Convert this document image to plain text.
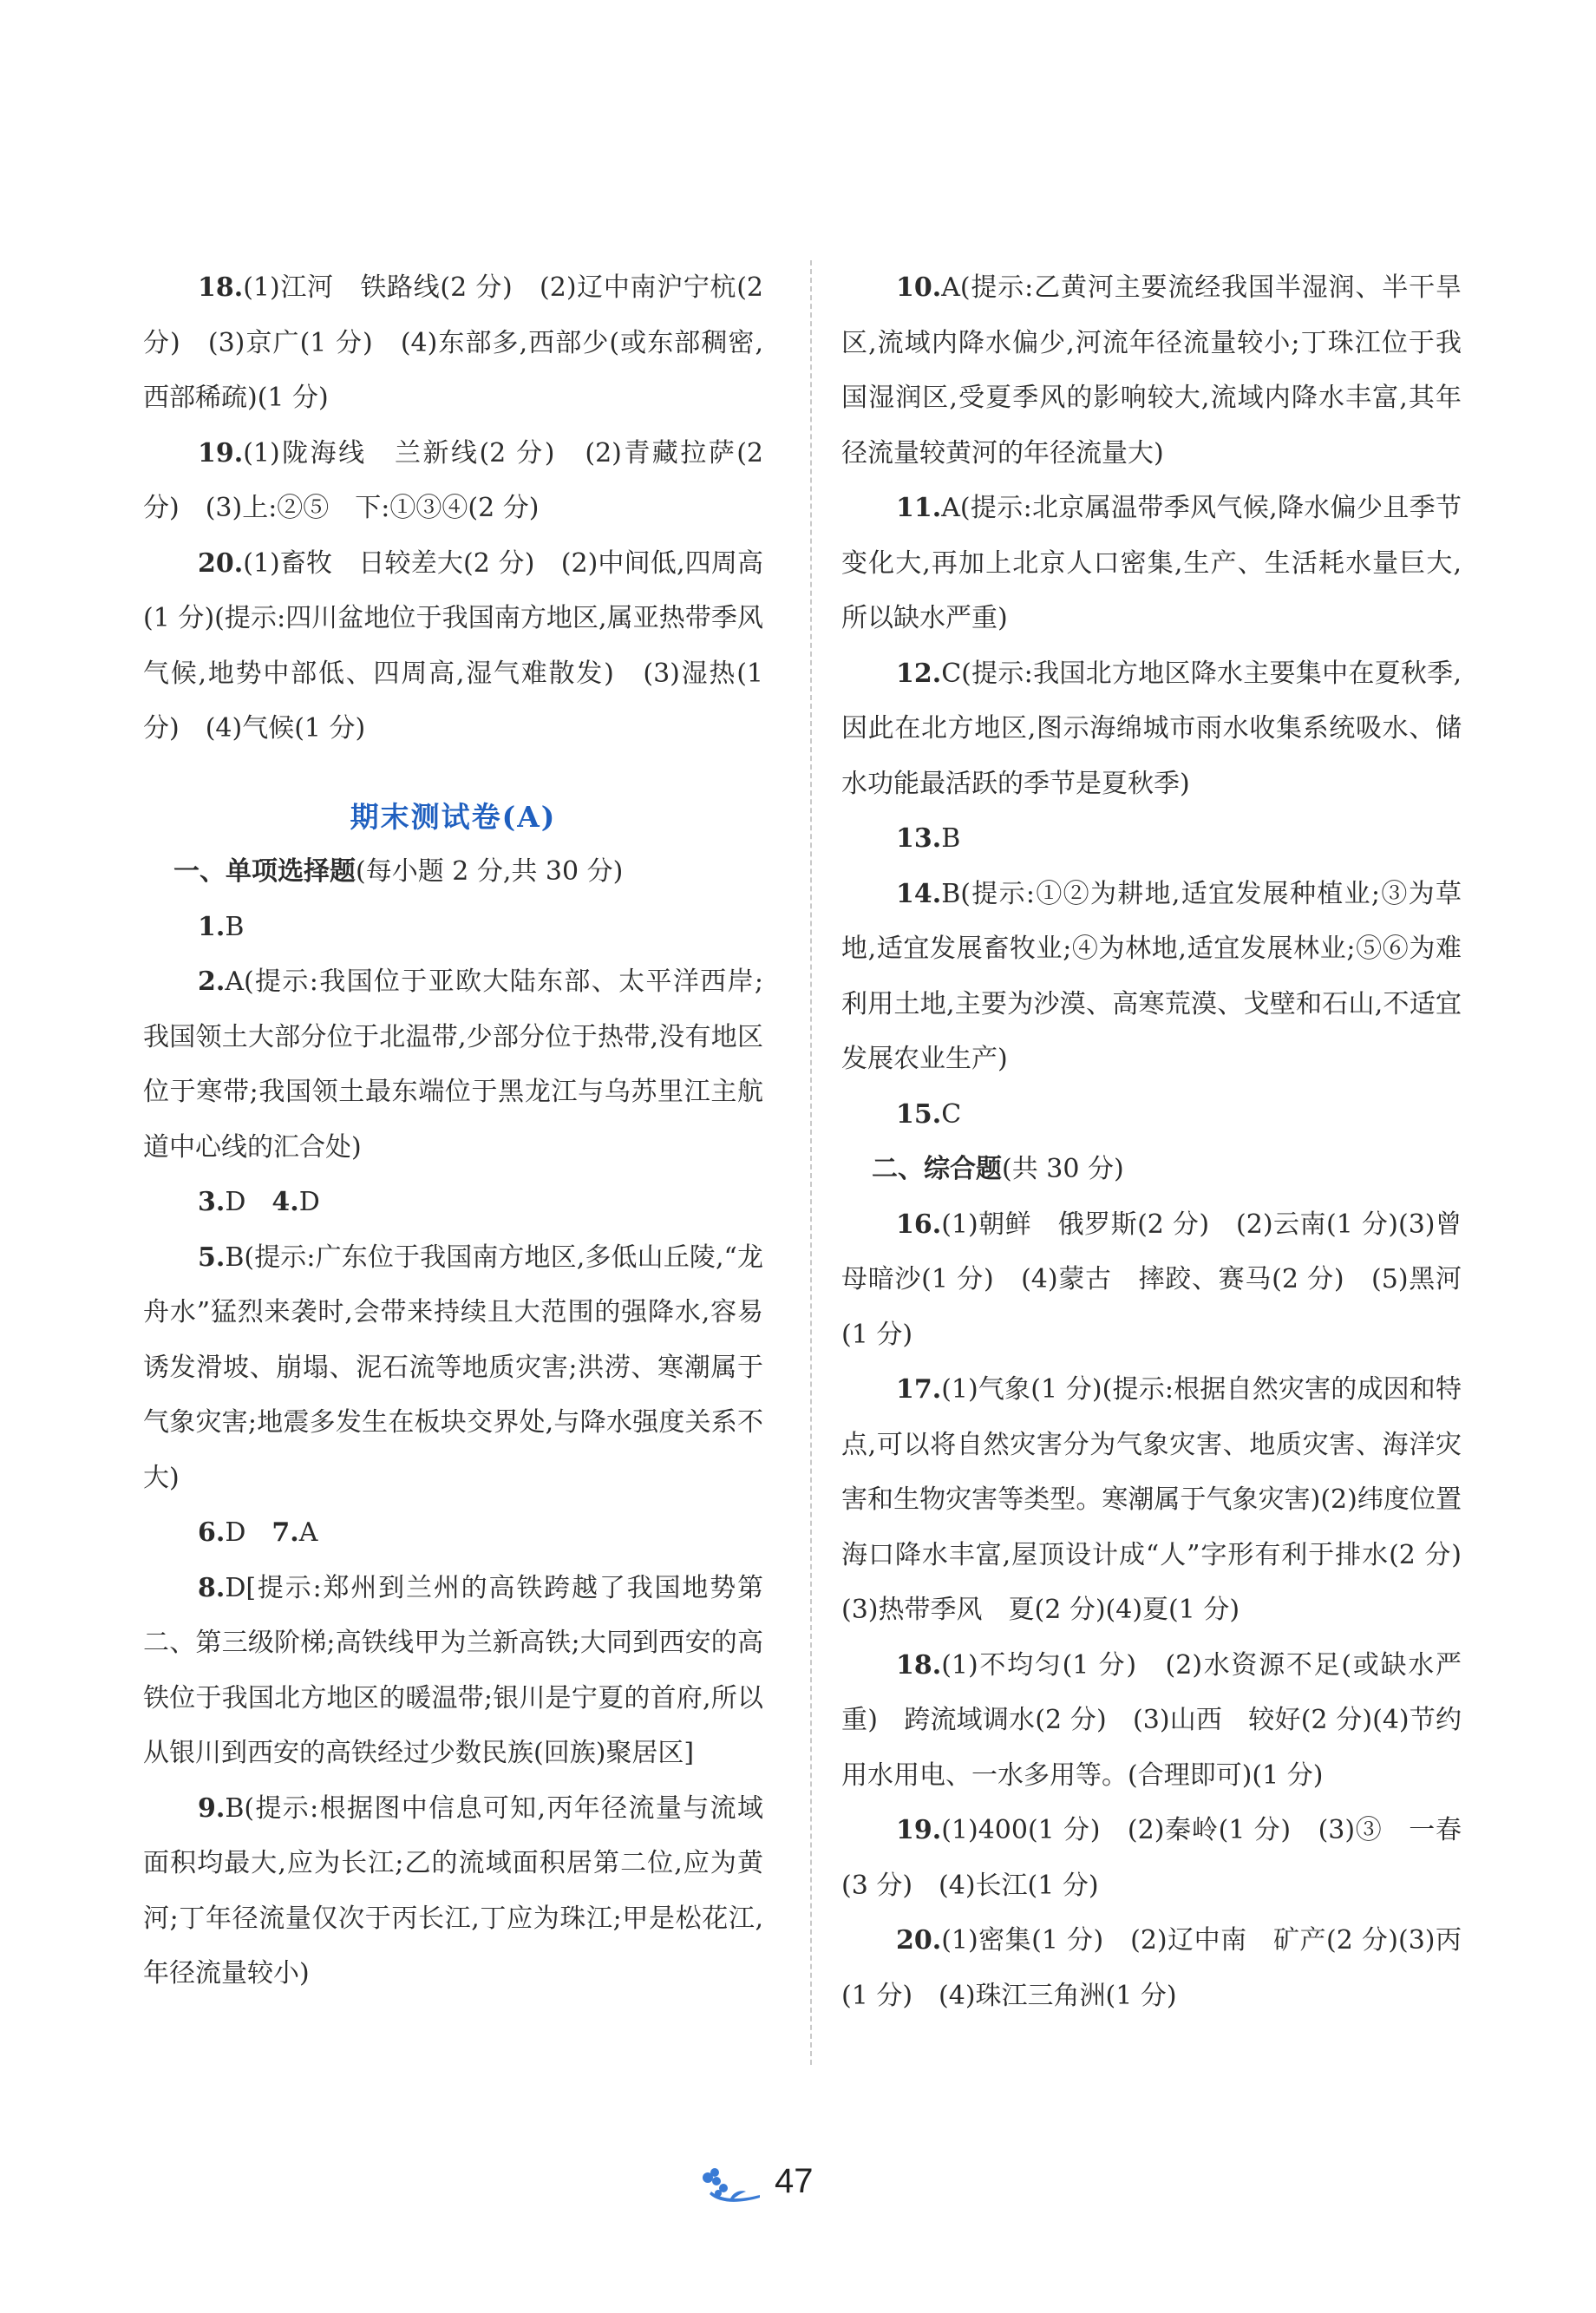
18.(1)江河　铁路线(2 分)　(2)辽中南沪宁杭(2 分)　(3)京广(1 分)　(4)东部多,西部少(或东部稠密,西部稀疏)(1 分)

19.(1)陇海线　兰新线(2 分)　(2)青藏拉萨(2 分)　(3)上:②⑤　下:①③④(2 分)

20.(1)畜牧　日较差大(2 分)　(2)中间低,四周高(1 分)(提示:四川盆地位于我国南方地区,属亚热带季风气候,地势中部低、四周高,湿气难散发)　(3)湿热(1 分)　(4)气候(1 分)

期末测试卷(A)

一、单项选择题(每小题 2 分,共 30 分)

1.B

2.A(提示:我国位于亚欧大陆东部、太平洋西岸;我国领土大部分位于北温带,少部分位于热带,没有地区位于寒带;我国领土最东端位于黑龙江与乌苏里江主航道中心线的汇合处)

3.D　 4.D

5.B(提示:广东位于我国南方地区,多低山丘陵,“龙舟水”猛烈来袭时,会带来持续且大范围的强降水,容易诱发滑坡、崩塌、泥石流等地质灾害;洪涝、寒潮属于气象灾害;地震多发生在板块交界处,与降水强度关系不大)

6.D　 7.A

8.D[提示:郑州到兰州的高铁跨越了我国地势第二、第三级阶梯;高铁线甲为兰新高铁;大同到西安的高铁位于我国北方地区的暖温带;银川是宁夏的首府,所以从银川到西安的高铁经过少数民族(回族)聚居区]

9.B(提示:根据图中信息可知,丙年径流量与流域面积均最大,应为长江;乙的流域面积居第二位,应为黄河;丁年径流量仅次于丙长江,丁应为珠江;甲是松花江,年径流量较小)

10.A(提示:乙黄河主要流经我国半湿润、半干旱区,流域内降水偏少,河流年径流量较小;丁珠江位于我国湿润区,受夏季风的影响较大,流域内降水丰富,其年径流量较黄河的年径流量大)

11.A(提示:北京属温带季风气候,降水偏少且季节变化大,再加上北京人口密集,生产、生活耗水量巨大,所以缺水严重)

12.C(提示:我国北方地区降水主要集中在夏秋季,因此在北方地区,图示海绵城市雨水收集系统吸水、储水功能最活跃的季节是夏秋季)

13.B

14.B(提示:①②为耕地,适宜发展种植业;③为草地,适宜发展畜牧业;④为林地,适宜发展林业;⑤⑥为难利用土地,主要为沙漠、高寒荒漠、戈壁和石山,不适宜发展农业生产)

15.C

二、综合题(共 30 分)

16.(1)朝鲜　俄罗斯(2 分)　(2)云南(1 分)(3)曾母暗沙(1 分)　(4)蒙古　摔跤、赛马(2 分)　(5)黑河(1 分)

17.(1)气象(1 分)(提示:根据自然灾害的成因和特点,可以将自然灾害分为气象灾害、地质灾害、海洋灾害和生物灾害等类型。寒潮属于气象灾害)(2)纬度位置　海口降水丰富,屋顶设计成“人”字形有利于排水(2 分)　(3)热带季风　夏(2 分)(4)夏(1 分)

18.(1)不均匀(1 分)　(2)水资源不足(或缺水严重)　跨流域调水(2 分)　(3)山西　较好(2 分)(4)节约用水用电、一水多用等。(合理即可)(1 分)

19.(1)400(1 分)　(2)秦岭(1 分)　(3)③　一春(3 分)　(4)长江(1 分)

20.(1)密集(1 分)　(2)辽中南　矿产(2 分)(3)丙(1 分)　(4)珠江三角洲(1 分)

47
